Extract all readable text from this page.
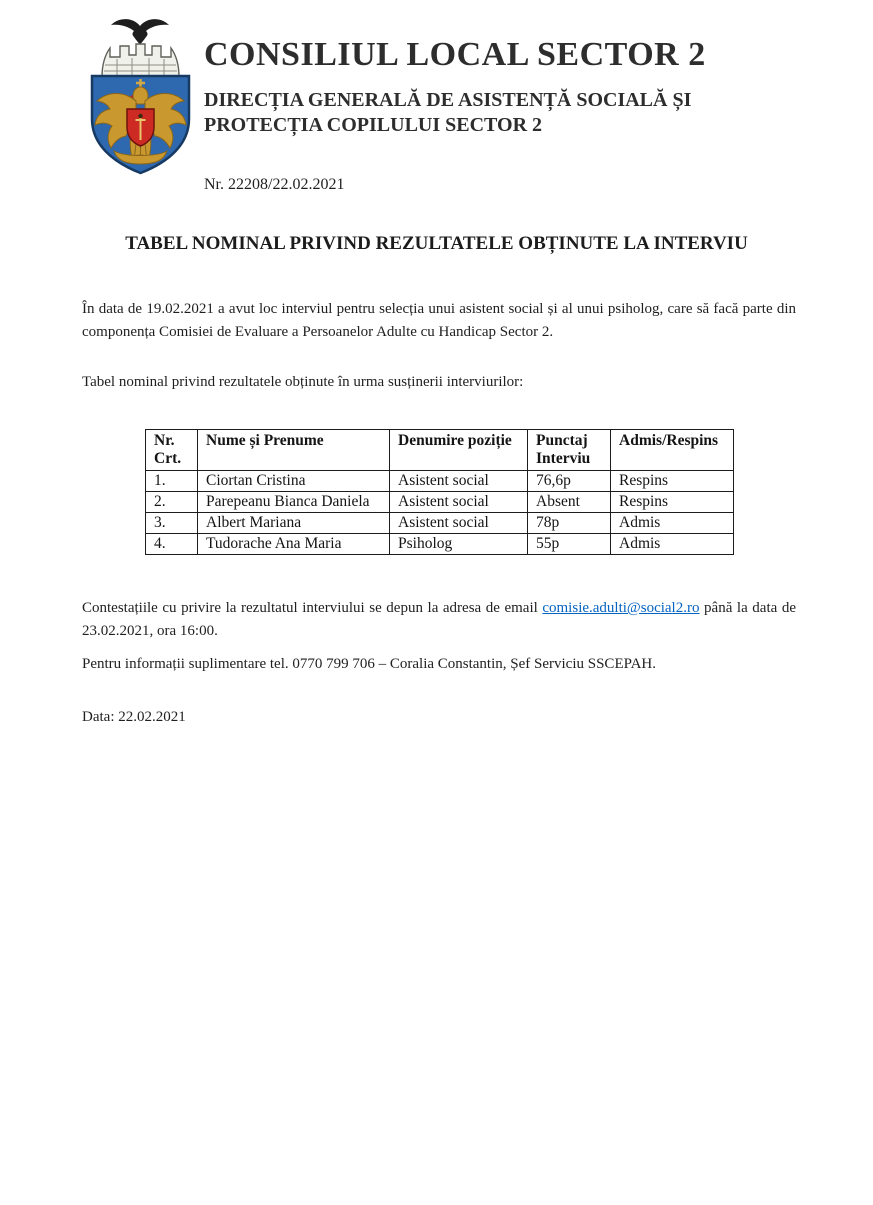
CONSILIUL LOCAL SECTOR 2
DIRECȚIA GENERALĂ DE ASISTENȚĂ SOCIALĂ ȘI
PROTECȚIA COPILULUI SECTOR 2
Nr. 22208/22.02.2021
TABEL NOMINAL PRIVIND REZULTATELE OBȚINUTE LA INTERVIU
În data de 19.02.2021 a avut loc interviul pentru selecția unui asistent social și al unui psiholog, care să facă parte din componența Comisiei de Evaluare a Persoanelor Adulte cu Handicap Sector 2.
Tabel nominal privind rezultatele obținute în urma susținerii interviurilor:
Nr. Crt.	Nume și Prenume	Denumire poziție	Punctaj Interviu	Admis/Respins
1.	Ciortan Cristina	Asistent social	76,6p	Respins
2.	Parepeanu Bianca Daniela	Asistent social	Absent	Respins
3.	Albert Mariana	Asistent social	78p	Admis
4.	Tudorache Ana Maria	Psiholog	55p	Admis
Contestațiile cu privire la rezultatul interviului se depun la adresa de email comisie.adulti@social2.ro până la data de 23.02.2021, ora 16:00.
Pentru informații suplimentare tel. 0770 799 706 – Coralia Constantin, Șef Serviciu SSCEPAH.
Data: 22.02.2021
